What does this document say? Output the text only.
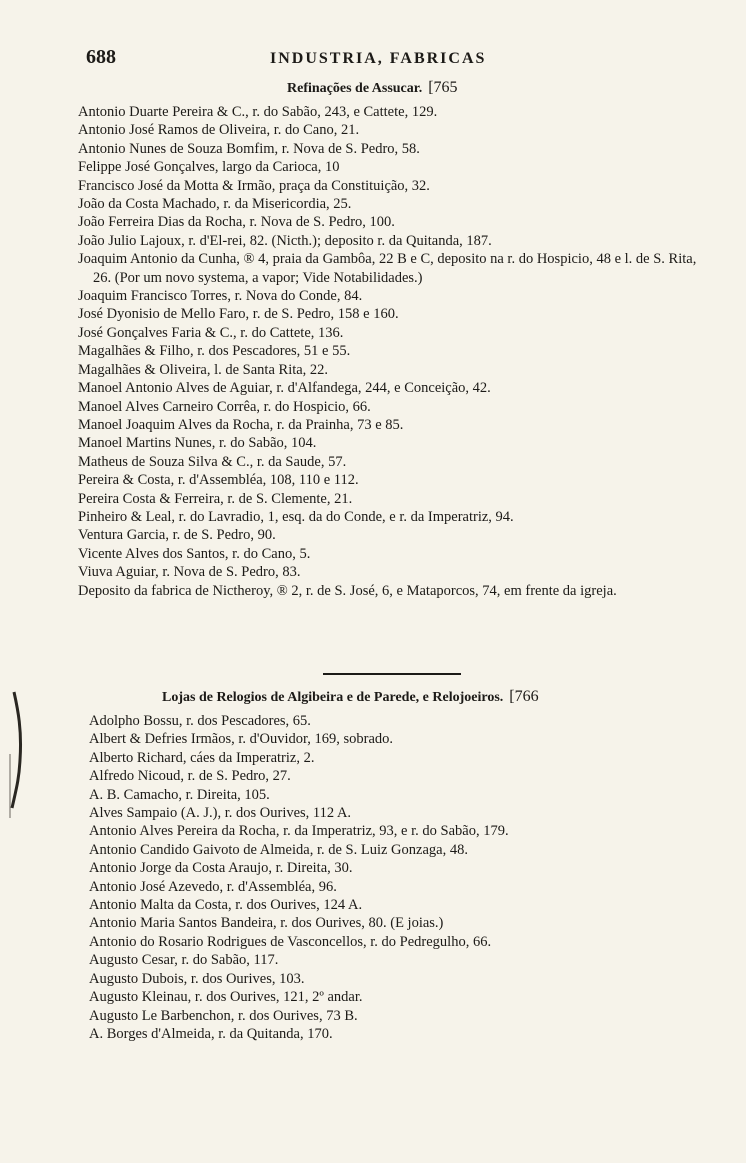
688	INDUSTRIA, FABRICAS
Refinações de Assucar. [765
Antonio Duarte Pereira & C., r. do Sabão, 243, e Cattete, 129.
Antonio José Ramos de Oliveira, r. do Cano, 21.
Antonio Nunes de Souza Bomfim, r. Nova de S. Pedro, 58.
Felippe José Gonçalves, largo da Carioca, 10
Francisco José da Motta & Irmão, praça da Constituição, 32.
João da Costa Machado, r. da Misericordia, 25.
João Ferreira Dias da Rocha, r. Nova de S. Pedro, 100.
João Julio Lajoux, r. d'El-rei, 82. (Nicth.); deposito r. da Quitanda, 187.
Joaquim Antonio da Cunha, ® 4, praia da Gambôa, 22 B e C, deposito na r. do Hospicio, 48 e l. de S. Rita, 26. (Por um novo systema, a vapor; Vide Notabilidades.)
Joaquim Francisco Torres, r. Nova do Conde, 84.
José Dyonisio de Mello Faro, r. de S. Pedro, 158 e 160.
José Gonçalves Faria & C., r. do Cattete, 136.
Magalhães & Filho, r. dos Pescadores, 51 e 55.
Magalhães & Oliveira, l. de Santa Rita, 22.
Manoel Antonio Alves de Aguiar, r. d'Alfandega, 244, e Conceição, 42.
Manoel Alves Carneiro Corrêa, r. do Hospicio, 66.
Manoel Joaquim Alves da Rocha, r. da Prainha, 73 e 85.
Manoel Martins Nunes, r. do Sabão, 104.
Matheus de Souza Silva & C., r. da Saude, 57.
Pereira & Costa, r. d'Assembléa, 108, 110 e 112.
Pereira Costa & Ferreira, r. de S. Clemente, 21.
Pinheiro & Leal, r. do Lavradio, 1, esq. da do Conde, e r. da Imperatriz, 94.
Ventura Garcia, r. de S. Pedro, 90.
Vicente Alves dos Santos, r. do Cano, 5.
Viuva Aguiar, r. Nova de S. Pedro, 83.
Deposito da fabrica de Nictheroy, ® 2, r. de S. José, 6, e Mataporcos, 74, em frente da igreja.
Lojas de Relogios de Algibeira e de Parede, e Relojoeiros. [766
Adolpho Bossu, r. dos Pescadores, 65.
Albert & Defries Irmãos, r. d'Ouvidor, 169, sobrado.
Alberto Richard, cáes da Imperatriz, 2.
Alfredo Nicoud, r. de S. Pedro, 27.
A. B. Camacho, r. Direita, 105.
Alves Sampaio (A. J.), r. dos Ourives, 112 A.
Antonio Alves Pereira da Rocha, r. da Imperatriz, 93, e r. do Sabão, 179.
Antonio Candido Gaivoto de Almeida, r. de S. Luiz Gonzaga, 48.
Antonio Jorge da Costa Araujo, r. Direita, 30.
Antonio José Azevedo, r. d'Assembléa, 96.
Antonio Malta da Costa, r. dos Ourives, 124 A.
Antonio Maria Santos Bandeira, r. dos Ourives, 80. (E joias.)
Antonio do Rosario Rodrigues de Vasconcellos, r. do Pedregulho, 66.
Augusto Cesar, r. do Sabão, 117.
Augusto Dubois, r. dos Ourives, 103.
Augusto Kleinau, r. dos Ourives, 121, 2º andar.
Augusto Le Barbenchon, r. dos Ourives, 73 B.
A. Borges d'Almeida, r. da Quitanda, 170.
